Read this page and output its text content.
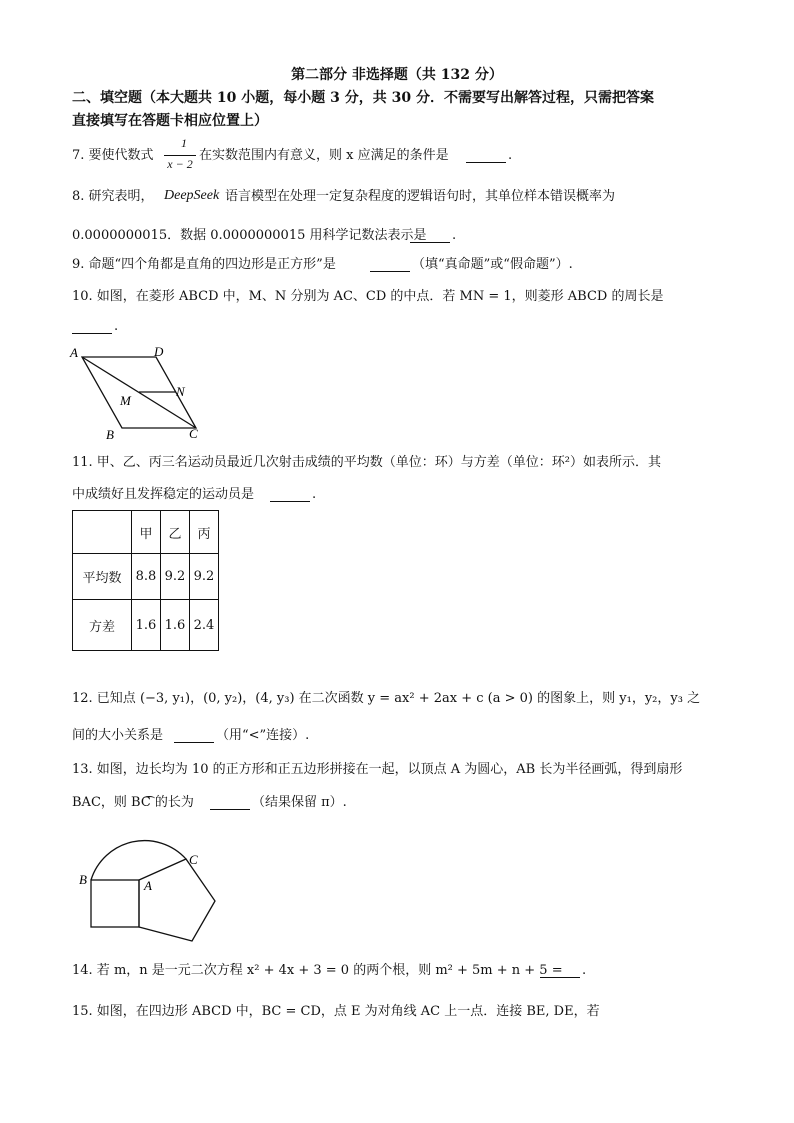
第二部分 非选择题（共 132 分）
二、填空题（本大题共 10 小题，每小题 3 分，共 30 分．不需要写出解答过程，只需把答案
直接填写在答题卡相应位置上）
7. 要使代数式
1
x − 2
在实数范围内有意义，则 x 应满足的条件是	.
8. 研究表明， DeepSeek 语言模型在处理一定复杂程度的逻辑语句时，其单位样本错误概率为
0.0000000015．数据 0.0000000015 用科学记数法表示是 .
9. 命题“四个角都是直角的四边形是正方形”是	（填“真命题”或“假命题”）.
10. 如图，在菱形 ABCD 中，M、N 分别为 AC、CD 的中点．若 MN = 1，则菱形 ABCD 的周长是
.
A	D
N
M
B	C
11. 甲、乙、丙三名运动员最近几次射击成绩的平均数（单位：环）与方差（单位：环²）如表所示．其
中成绩好且发挥稳定的运动员是	.
	甲	乙	丙
平均数	8.8	9.2	9.2
方差	1.6	1.6	2.4
12. 已知点 (−3, y₁)，(0, y₂)，(4, y₃) 在二次函数 y = ax² + 2ax + c (a > 0) 的图象上，则 y₁，y₂，y₃ 之
间的大小关系是	（用“<”连接）.
13. 如图，边长均为 10 的正方形和正五边形拼接在一起，以顶点 A 为圆心，AB 长为半径画弧，得到扇形
BAC，则 BC 的长为	（结果保留 π）.
B	A
C
14. 若 m，n 是一元二次方程 x² + 4x + 3 = 0 的两个根，则 m² + 5m + n + 5 = .
15. 如图，在四边形 ABCD 中，BC = CD，点 E 为对角线 AC 上一点．连接 BE, DE，若
